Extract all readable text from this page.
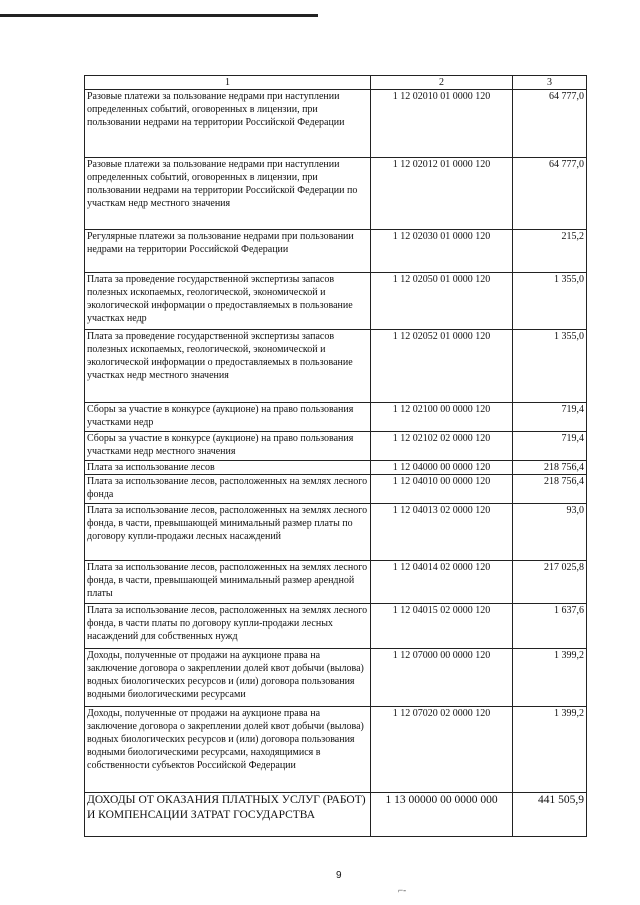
1	2	3
Разовые платежи за пользование недрами при наступлении определенных событий, оговоренных в лицензии, при пользовании недрами на территории Российской Федерации	1 12 02010 01 0000 120	64 777,0
Разовые платежи за пользование недрами при наступлении определенных событий, оговоренных в лицензии, при пользовании недрами на территории Российской Федерации по участкам недр местного значения	1 12 02012 01 0000 120	64 777,0
Регулярные платежи за пользование недрами при пользовании недрами на территории Российской Федерации	1 12 02030 01 0000 120	215,2
Плата за проведение государственной экспертизы запасов полезных ископаемых, геологической, экономической и экологической информации о предоставляемых в пользование участках недр	1 12 02050 01 0000 120	1 355,0
Плата за проведение государственной экспертизы запасов полезных ископаемых, геологической, экономической и экологической информации о предоставляемых в пользование участках недр местного значения	1 12 02052 01 0000 120	1 355,0
Сборы за участие в конкурсе (аукционе) на право пользования участками недр	1 12 02100 00 0000 120	719,4
Сборы за участие в конкурсе (аукционе) на право пользования участками недр местного значения	1 12 02102 02 0000 120	719,4
Плата за использование лесов	1 12 04000 00 0000 120	218 756,4
Плата за использование лесов, расположенных на землях лесного фонда	1 12 04010 00 0000 120	218 756,4
Плата за использование лесов, расположенных на землях лесного фонда, в части, превышающей минимальный размер платы по договору купли-продажи лесных насаждений	1 12 04013 02 0000 120	93,0
Плата за использование лесов, расположенных на землях лесного фонда, в части, превышающей минимальный размер арендной платы	1 12 04014 02 0000 120	217 025,8
Плата за использование лесов, расположенных на землях лесного фонда, в части платы по договору купли-продажи лесных насаждений для собственных нужд	1 12 04015 02 0000 120	1 637,6
Доходы, полученные от продажи на аукционе права на заключение договора о закреплении долей квот добычи (вылова) водных биологических ресурсов и (или) договора пользования водными биологическими ресурсами	1 12 07000 00 0000 120	1 399,2
Доходы, полученные от продажи на аукционе права на заключение договора о закреплении долей квот добычи (вылова) водных биологических ресурсов и (или) договора пользования водными биологическими ресурсами, находящимися в собственности субъектов Российской Федерации	1 12 07020 02 0000 120	1 399,2
ДОХОДЫ ОТ ОКАЗАНИЯ ПЛАТНЫХ УСЛУГ (РАБОТ) И КОМПЕНСАЦИИ ЗАТРАТ ГОСУДАРСТВА	1 13 00000 00 0000 000	441 505,9
9
⌐-
